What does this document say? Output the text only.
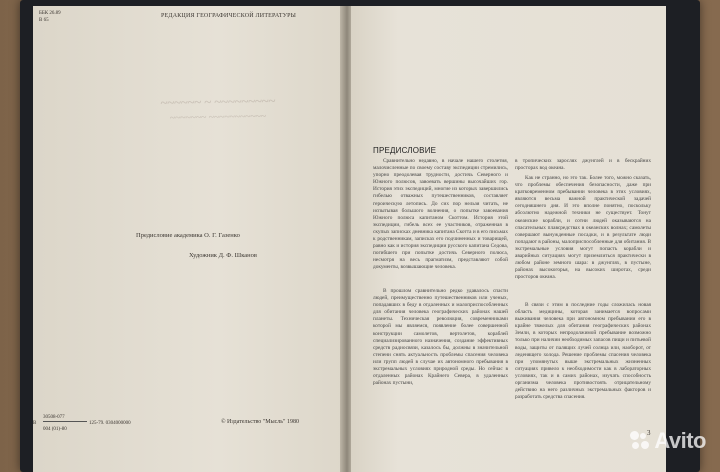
ББК 26.89
В 65
РЕДАКЦИЯ ГЕОГРАФИЧЕСКОЙ ЛИТЕРАТУРЫ
~~~~~~ ~ ~~~~~~~~~
~~~~~~~ ~~~~~~~~~~~
Предисловие академика О. Г. Газенко
Художник Д. Ф. Шканов
В
30508-077
004 (01)-80
125-79. 0304000000	© Издательство "Мысль" 1980
ПРЕДИСЛОВИЕ
Сравнительно недавно, в начале нашего столетия, малочисленные по своему составу экспедиции стремились, упорно преодолевая трудности, достичь Северного и Южного полюсов, завоевать вершины высочайших гор. История этих экспедиций, многие из которых завершились гибелью отважных путешественников, составляет героическую летопись. До сих пор нельзя читать, не испытывая большого волнения, о попытке завоевания Южного полюса капитаном Скоттом. История этой экспедиции, гибель всех ее участников, отраженная в скупых записках дневника капитана Скотта и в его письмах к родственникам, записках его подчиненных и товарищей, равно как и история экспедиции русского капитана Седова, погибшего при попытке достичь Северного полюса, несмотря на весь прагматизм, представляют собой документы, возвышающие человека.
В прошлом сравнительно редко удавалось спасти людей, преимущественно путешественников или ученых, попадавших в беду в отдаленных и малоприспособленных для обитания человека географических районах нашей планеты. Техническая революция, современниками которой мы являемся, появление более совершенной конструкции самолетов, вертолетов, кораблей специализированного назначения, создание эффективных средств радиосвязи, казалось бы, должны в значительной степени снять актуальность проблемы спасения человека или групп людей в случае их автономного пребывания в экстремальных условиях природной среды. Но сейчас в отдаленных районах Крайнего Севера, в удаленных районах пустыни,
в тропических зарослях джунглей и в бескрайних просторах вод океана.
Как не странно, но это так. Более того, можно сказать, что проблемы обеспечения безопасности, даже при кратковременном пребывании человека в этих условиях, являются весьма важной практической задачей сегодняшнего дня. И это вполне понятно, поскольку абсолютно надежной техники не существует. Тонут океанские корабли, и сотни людей оказываются на спасательных плавсредствах в океанских волнах; самолеты совершают вынужденные посадки, и в результате люди попадают в районы, малоприспособленные для обитания. В экстремальные условия могут попасть корабли и аварийных ситуациях могут приземлиться практически в любом районе земного шара: в джунглях, в пустыне, районах высокогорья, на высоких широтах, среди просторов океана.
В связи с этим в последние годы сложилась новая область медицины, которая занимается вопросами выживания человека при автономном пребывании его в крайне тяжелых для обитания географических районах Земли, в которых непродолжимой пребывание возможно только при наличии необходимых запасов пищи и питьевой воды, защиты от палящих лучей солнца или, наоборот, от леденящего холода. Решение проблемы спасения человека при упомянутых выше экстремальных жизненных ситуациях привело к необходимости как в лабораторных условиях, так и в самих районах, изучать способность организма человека противостоять отрицательному действию на него различных экстремальных факторов и разработать средства спасения.
3 Avito
